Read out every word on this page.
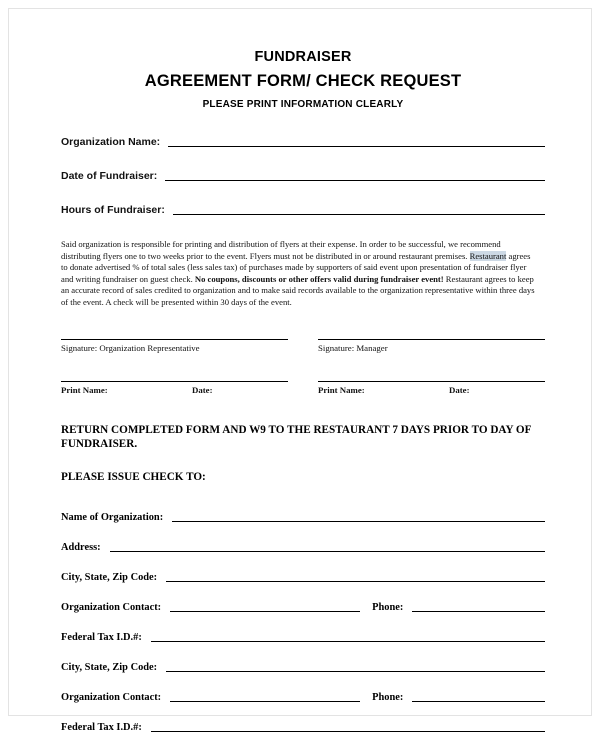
FUNDRAISER
AGREEMENT FORM/ CHECK REQUEST
PLEASE PRINT INFORMATION CLEARLY
Organization Name:
Date of Fundraiser:
Hours of Fundraiser:
Said organization is responsible for printing and distribution of flyers at their expense. In order to be successful, we recommend distributing flyers one to two weeks prior to the event. Flyers must not be distributed in or around restaurant premises. Restaurant agrees to donate advertised % of total sales (less sales tax) of purchases made by supporters of said event upon presentation of fundraiser flyer and writing fundraiser on guest check. No coupons, discounts or other offers valid during fundraiser event! Restaurant agrees to keep an accurate record of sales credited to organization and to make said records available to the organization representative within three days of the event. A check will be presented within 30 days of the event.
Signature: Organization Representative	Signature: Manager
Print Name:	Date:	Print Name:	Date:
RETURN COMPLETED FORM AND W9 TO THE RESTAURANT 7 DAYS PRIOR TO DAY OF FUNDRAISER.
PLEASE ISSUE CHECK TO:
Name of Organization:
Address:
City, State, Zip Code:
Organization Contact:	Phone:
Federal Tax I.D.#:
City, State, Zip Code:
Organization Contact:	Phone:
Federal Tax I.D.#:
